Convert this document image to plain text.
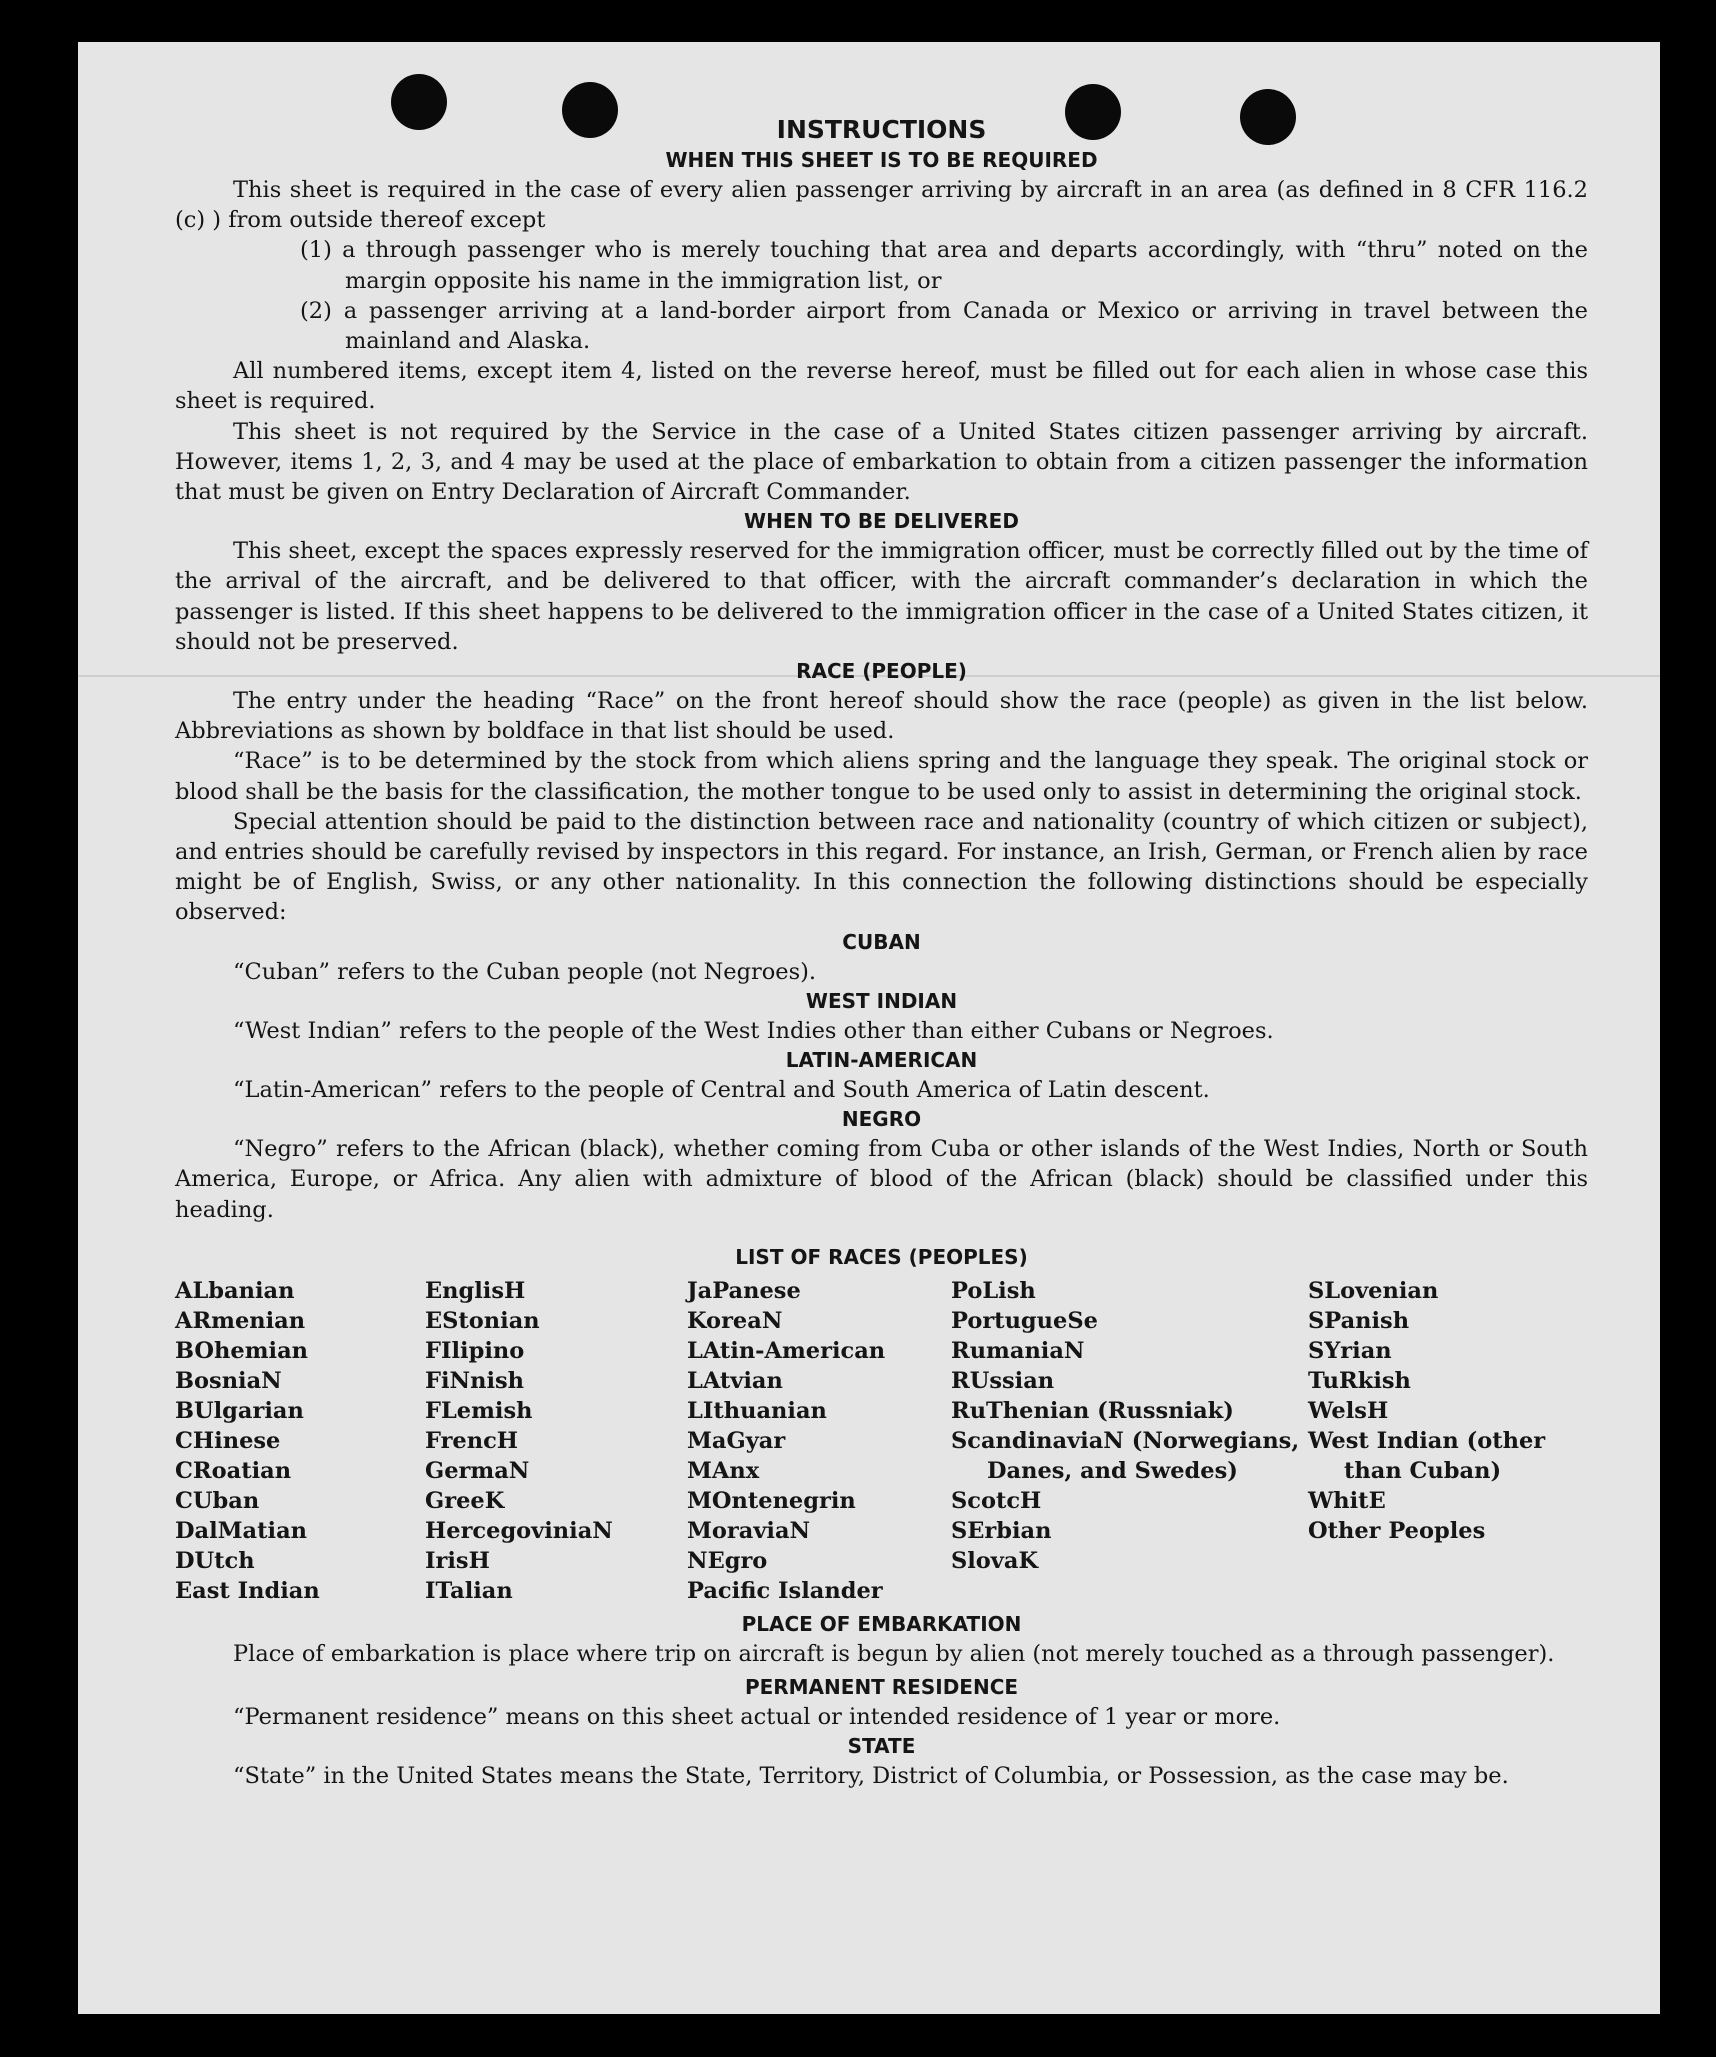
INSTRUCTIONS
WHEN THIS SHEET IS TO BE REQUIRED

This sheet is required in the case of every alien passenger arriving by aircraft in an area (as defined in 8 CFR 116.2 (c) ) from outside thereof except

(1) a through passenger who is merely touching that area and departs accordingly, with “thru” noted on the margin opposite his name in the immigration list, or

(2) a passenger arriving at a land-border airport from Canada or Mexico or arriving in travel between the mainland and Alaska.

All numbered items, except item 4, listed on the reverse hereof, must be filled out for each alien in whose case this sheet is required.

This sheet is not required by the Service in the case of a United States citizen passenger arriving by aircraft. However, items 1, 2, 3, and 4 may be used at the place of embarkation to obtain from a citizen passenger the information that must be given on Entry Declaration of Aircraft Commander.

WHEN TO BE DELIVERED

This sheet, except the spaces expressly reserved for the immigration officer, must be correctly filled out by the time of the arrival of the aircraft, and be delivered to that officer, with the aircraft commander’s declaration in which the passenger is listed. If this sheet happens to be delivered to the immigration officer in the case of a United States citizen, it should not be preserved.

RACE (PEOPLE)

The entry under the heading “Race” on the front hereof should show the race (people) as given in the list below. Abbreviations as shown by boldface in that list should be used.

“Race” is to be determined by the stock from which aliens spring and the language they speak. The original stock or blood shall be the basis for the classification, the mother tongue to be used only to assist in determining the original stock.

Special attention should be paid to the distinction between race and nationality (country of which citizen or subject), and entries should be carefully revised by inspectors in this regard. For instance, an Irish, German, or French alien by race might be of English, Swiss, or any other nationality. In this connection the following distinctions should be especially observed:

CUBAN

“Cuban” refers to the Cuban people (not Negroes).

WEST INDIAN

“West Indian” refers to the people of the West Indies other than either Cubans or Negroes.

LATIN-AMERICAN

“Latin-American” refers to the people of Central and South America of Latin descent.

NEGRO

“Negro” refers to the African (black), whether coming from Cuba or other islands of the West Indies, North or South America, Europe, or Africa. Any alien with admixture of blood of the African (black) should be classified under this heading.

LIST OF RACES (PEOPLES)
ALbanian
ARmenian
BOhemian
BosniaN
BUlgarian
CHinese
CRoatian
CUban
DalMatian
DUtch
East Indian
EnglisH
EStonian
FIlipino
FiNnish
FLemish
FrencH
GermaN
GreeK
HercegoviniaN
IrisH
ITalian
JaPanese
KoreaN
LAtin-American
LAtvian
LIthuanian
MaGyar
MAnx
MOntenegrin
MoraviaN
NEgro
Pacific Islander
PoLish
PortugueSe
RumaniaN
RUssian
RuThenian (Russniak)
ScandinaviaN (Norwegians, Danes, and Swedes)
ScotcH
SErbian
SlovaK
SLovenian
SPanish
SYrian
TuRkish
WelsH
West Indian (other than Cuban)
WhitE
Other Peoples
PLACE OF EMBARKATION

Place of embarkation is place where trip on aircraft is begun by alien (not merely touched as a through passenger).

PERMANENT RESIDENCE

“Permanent residence” means on this sheet actual or intended residence of 1 year or more.

STATE

“State” in the United States means the State, Territory, District of Columbia, or Possession, as the case may be.
